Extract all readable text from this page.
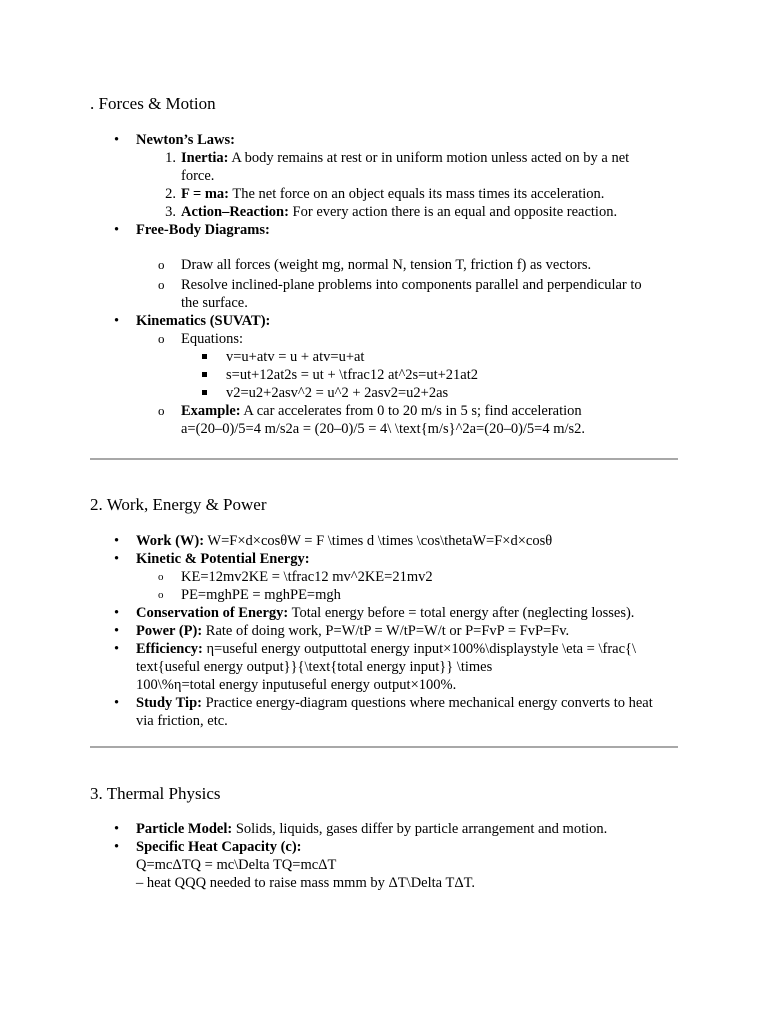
. Forces & Motion
• Newton’s Laws:
1. Inertia: A body remains at rest or in uniform motion unless acted on by a net
force.
2. F = ma: The net force on an object equals its mass times its acceleration.
3. Action–Reaction: For every action there is an equal and opposite reaction.
• Free-Body Diagrams:
o	Draw all forces (weight mg, normal N, tension T, friction f) as vectors.
o	Resolve inclined-plane problems into components parallel and perpendicular to
the surface.
• Kinematics (SUVAT):
o	Equations:
v=u+atv = u + atv=u+at
s=ut+12at2s = ut + \tfrac12 at^2s=ut+21at2
v2=u2+2asv^2 = u^2 + 2asv2=u2+2as
o	Example: A car accelerates from 0 to 20 m/s in 5 s; find acceleration
a=(20–0)/5=4 m/s2a = (20–0)/5 = 4\ \text{m/s}^2a=(20–0)/5=4 m/s2.
2. Work, Energy & Power
• Work (W): W=F×d×cosθW = F \times d \times \cos\thetaW=F×d×cosθ
• Kinetic & Potential Energy:
o	KE=12mv2KE = \tfrac12 mv^2KE=21mv2
o	PE=mghPE = mghPE=mgh
• Conservation of Energy: Total energy before = total energy after (neglecting losses).
• Power (P): Rate of doing work, P=W/tP = W/tP=W/t or P=FvP = FvP=Fv.
• Efficiency: η=useful energy outputtotal energy input×100%\displaystyle \eta = \frac{\
text{useful energy output}}{\text{total energy input}} \times
100\%η=total energy inputuseful energy output×100%.
• Study Tip: Practice energy-diagram questions where mechanical energy converts to heat
via friction, etc.
3. Thermal Physics
• Particle Model: Solids, liquids, gases differ by particle arrangement and motion.
• Specific Heat Capacity (c):
Q=mcΔTQ = mc\Delta TQ=mcΔT
– heat QQQ needed to raise mass mmm by ΔT\Delta TΔT.
